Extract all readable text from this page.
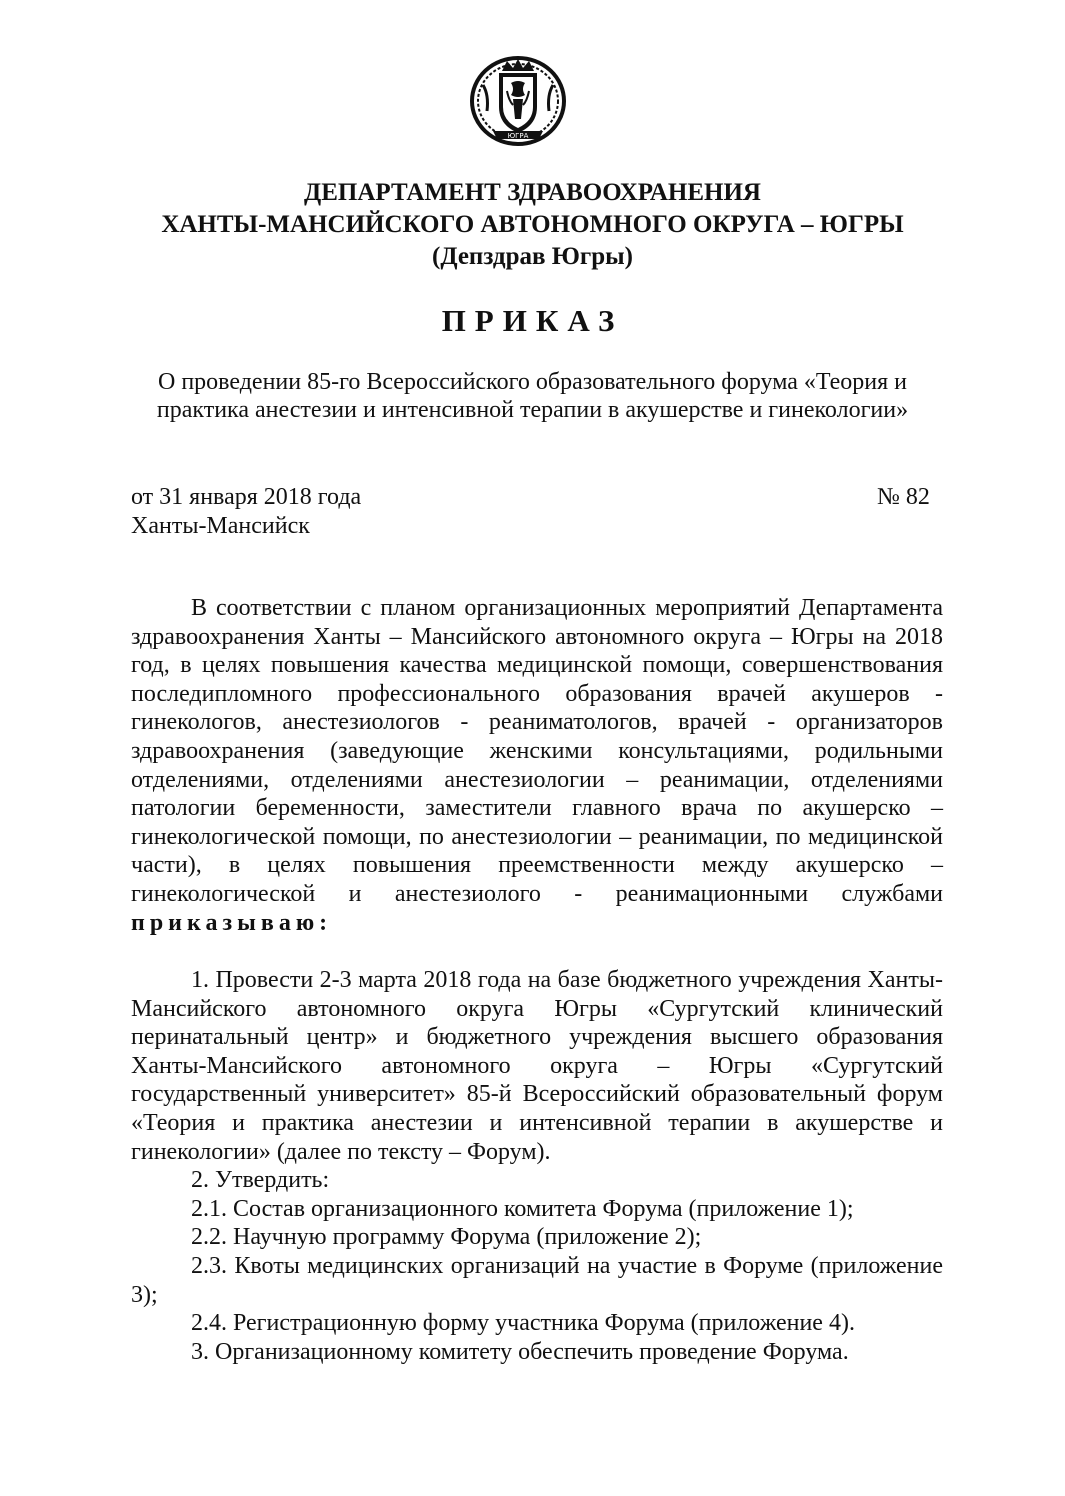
ЮГРА
ДЕПАРТАМЕНТ ЗДРАВООХРАНЕНИЯ
ХАНТЫ-МАНСИЙСКОГО АВТОНОМНОГО ОКРУГА – ЮГРЫ
(Депздрав Югры)
ПРИКАЗ
О проведении 85-го Всероссийского образовательного форума «Теория и
практика анестезии и интенсивной терапии в акушерстве и гинекологии»
от 31 января 2018 года	№ 82
Ханты-Мансийск

В соответствии с планом организационных мероприятий Департамента здравоохранения Ханты – Мансийского автономного округа – Югры на 2018 год, в целях повышения качества медицинской помощи, совершенствования последипломного профессионального образования врачей акушеров - гинекологов, анестезиологов - реаниматологов, врачей - организаторов здравоохранения (заведующие женскими консультациями, родильными отделениями, отделениями анестезиологии – реанимации, отделениями патологии беременности, заместители главного врача по акушерско – гинекологической помощи, по анестезиологии – реанимации, по медицинской части), в целях повышения преемственности между акушерско – гинекологической и анестезиолого - реанимационными службами приказываю:

1. Провести 2-3 марта 2018 года на базе бюджетного учреждения Ханты-Мансийского автономного округа Югры «Сургутский клинический перинатальный центр» и бюджетного учреждения высшего образования Ханты-Мансийского автономного округа – Югры «Сургутский государственный университет» 85-й Всероссийский образовательный форум «Теория и практика анестезии и интенсивной терапии в акушерстве и гинекологии» (далее по тексту – Форум).

2. Утвердить:

2.1. Состав организационного комитета Форума (приложение 1);

2.2. Научную программу Форума (приложение 2);

2.3. Квоты медицинских организаций на участие в Форуме (приложение 3);

2.4. Регистрационную форму участника Форума (приложение 4).

3. Организационному комитету обеспечить проведение Форума.
